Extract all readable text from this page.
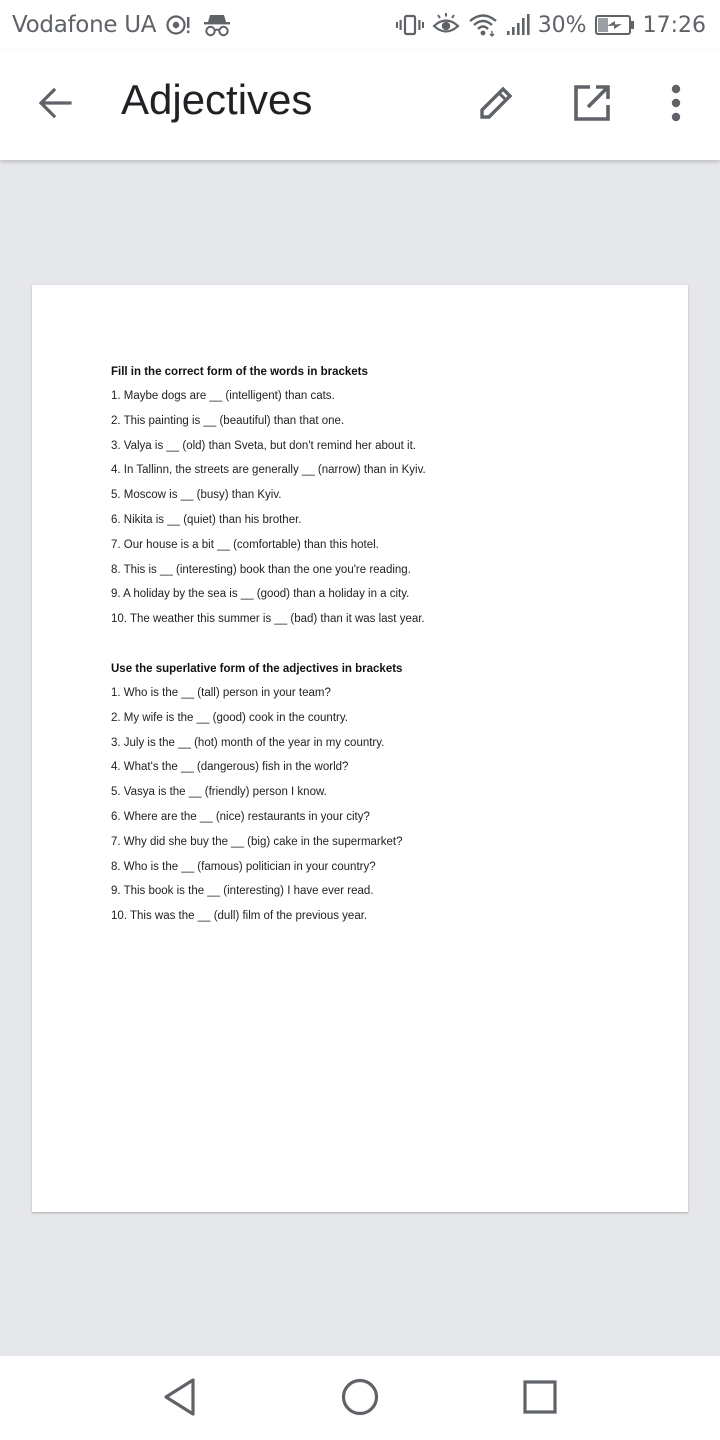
Vodafone UA	30%	17:26
Adjectives
Fill in the correct form of the words in brackets
1. Maybe dogs are __ (intelligent) than cats.
2. This painting is __ (beautiful) than that one.
3. Valya is __ (old) than Sveta, but don't remind her about it.
4. In Tallinn, the streets are generally __ (narrow) than in Kyiv.
5. Moscow is __ (busy) than Kyiv.
6. Nikita is __ (quiet) than his brother.
7. Our house is a bit __ (comfortable) than this hotel.
8. This is __ (interesting) book than the one you're reading.
9. A holiday by the sea is __ (good) than a holiday in a city.
10. The weather this summer is __ (bad) than it was last year.
Use the superlative form of the adjectives in brackets
1. Who is the __ (tall) person in your team?
2. My wife is the __ (good) cook in the country.
3. July is the __ (hot) month of the year in my country.
4. What's the __ (dangerous) fish in the world?
5. Vasya is the __ (friendly) person I know.
6. Where are the __ (nice) restaurants in your city?
7. Why did she buy the __ (big) cake in the supermarket?
8. Who is the __ (famous) politician in your country?
9. This book is the __ (interesting) I have ever read.
10. This was the __ (dull) film of the previous year.
